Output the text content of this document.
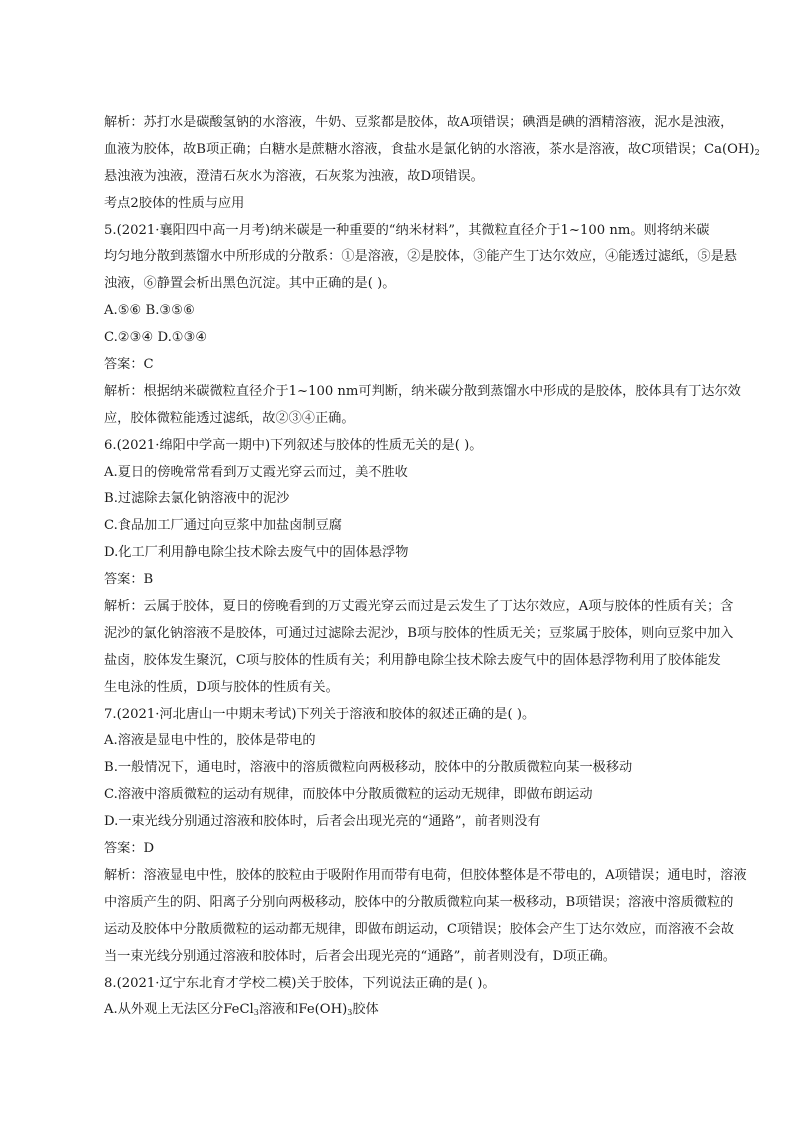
解析：苏打水是碳酸氢钠的水溶液，牛奶、豆浆都是胶体，故A项错误；碘酒是碘的酒精溶液，泥水是浊液，
血液为胶体，故B项正确；白糖水是蔗糖水溶液，食盐水是氯化钠的水溶液，茶水是溶液，故C项错误；$Ca(OH)_2$
悬浊液为浊液，澄清石灰水为溶液，石灰浆为浊液，故D项错误。
考点2胶体的性质与应用
5.(2021·襄阳四中高一月考)纳米碳是一种重要的“纳米材料”，其微粒直径介于1~100 nm。则将纳米碳
均匀地分散到蒸馏水中所形成的分散系：①是溶液，②是胶体，③能产生丁达尔效应，④能透过滤纸，⑤是悬
浊液，⑥静置会析出黑色沉淀。其中正确的是( )。
A.⑤⑥ B.③⑤⑥
C.②③④ D.①③④
答案：C
解析：根据纳米碳微粒直径介于1~100 nm可判断，纳米碳分散到蒸馏水中形成的是胶体，胶体具有丁达尔效
应，胶体微粒能透过滤纸，故②③④正确。
6.(2021·绵阳中学高一期中)下列叙述与胶体的性质无关的是( )。
A.夏日的傍晚常常看到万丈霞光穿云而过，美不胜收
B.过滤除去氯化钠溶液中的泥沙
C.食品加工厂通过向豆浆中加盐卤制豆腐
D.化工厂利用静电除尘技术除去废气中的固体悬浮物
答案：B
解析：云属于胶体，夏日的傍晚看到的万丈霞光穿云而过是云发生了丁达尔效应，A项与胶体的性质有关；含
泥沙的氯化钠溶液不是胶体，可通过过滤除去泥沙，B项与胶体的性质无关；豆浆属于胶体，则向豆浆中加入
盐卤，胶体发生聚沉，C项与胶体的性质有关；利用静电除尘技术除去废气中的固体悬浮物利用了胶体能发
生电泳的性质，D项与胶体的性质有关。
7.(2021·河北唐山一中期末考试)下列关于溶液和胶体的叙述正确的是( )。
A.溶液是显电中性的，胶体是带电的
B.一般情况下，通电时，溶液中的溶质微粒向两极移动，胶体中的分散质微粒向某一极移动
C.溶液中溶质微粒的运动有规律，而胶体中分散质微粒的运动无规律，即做布朗运动
D.一束光线分别通过溶液和胶体时，后者会出现光亮的“通路”，前者则没有
答案：D
解析：溶液显电中性，胶体的胶粒由于吸附作用而带有电荷，但胶体整体是不带电的，A项错误；通电时，溶液
中溶质产生的阴、阳离子分别向两极移动，胶体中的分散质微粒向某一极移动，B项错误；溶液中溶质微粒的
运动及胶体中分散质微粒的运动都无规律，即做布朗运动，C项错误；胶体会产生丁达尔效应，而溶液不会故
当一束光线分别通过溶液和胶体时，后者会出现光亮的“通路”，前者则没有，D项正确。
8.(2021·辽宁东北育才学校二模)关于胶体，下列说法正确的是( )。
A.从外观上无法区分FeCl$_3$溶液和$Fe(OH)_3$胶体
